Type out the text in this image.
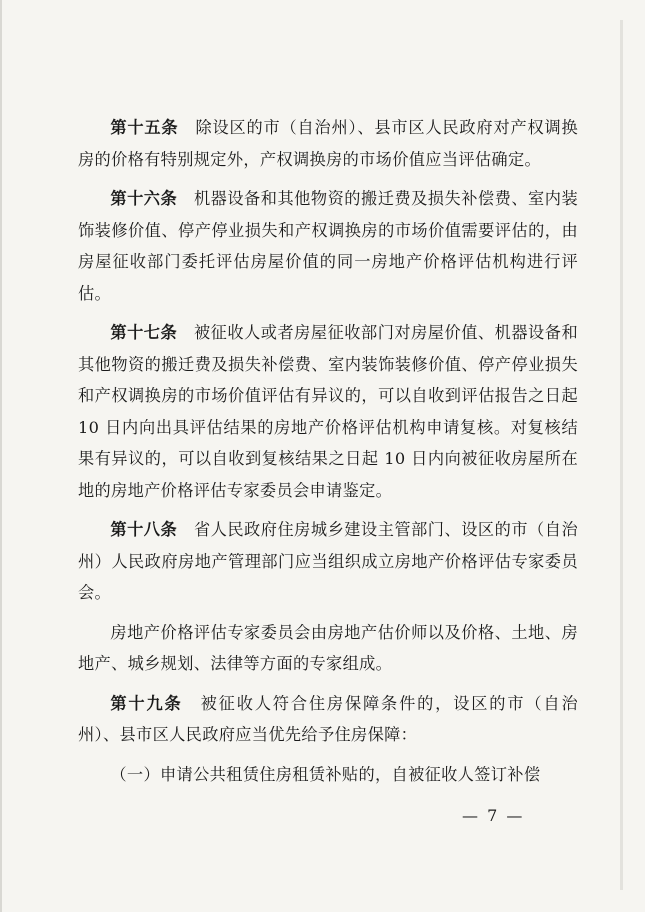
第十五条　 除设区的市（自治州）、县市区人民政府对产权调换房的价格有特别规定外，产权调换房的市场价值应当评估确定。

第十六条　 机器设备和其他物资的搬迁费及损失补偿费、室内装饰装修价值、停产停业损失和产权调换房的市场价值需要评估的，由房屋征收部门委托评估房屋价值的同一房地产价格评估机构进行评估。

第十七条　 被征收人或者房屋征收部门对房屋价值、机器设备和其他物资的搬迁费及损失补偿费、室内装饰装修价值、停产停业损失和产权调换房的市场价值评估有异议的，可以自收到评估报告之日起 10 日内向出具评估结果的房地产价格评估机构申请复核。对复核结果有异议的，可以自收到复核结果之日起 10 日内向被征收房屋所在地的房地产价格评估专家委员会申请鉴定。

第十八条　 省人民政府住房城乡建设主管部门、设区的市（自治州）人民政府房地产管理部门应当组织成立房地产价格评估专家委员会。

房地产价格评估专家委员会由房地产估价师以及价格、土地、房地产、城乡规划、法律等方面的专家组成。

第十九条　 被征收人符合住房保障条件的，设区的市（自治州）、县市区人民政府应当优先给予住房保障：

（一）申请公共租赁住房租赁补贴的，自被征收人签订补偿

— 7 —
